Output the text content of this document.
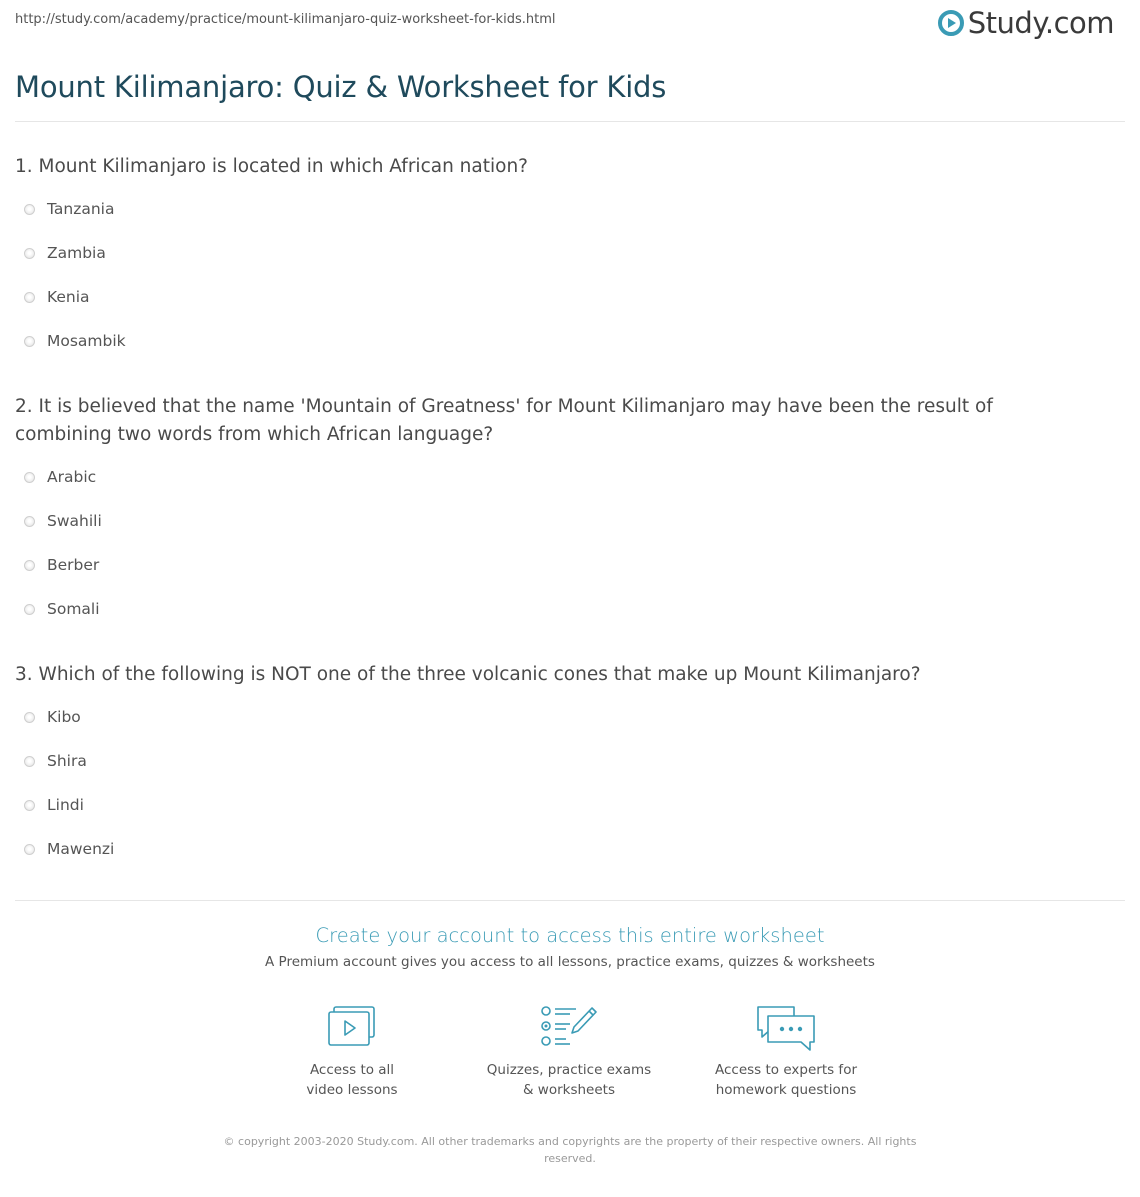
http://study.com/academy/practice/mount-kilimanjaro-quiz-worksheet-for-kids.html	Study.com
Mount Kilimanjaro: Quiz & Worksheet for Kids
1. Mount Kilimanjaro is located in which African nation?
Tanzania
Zambia
Kenia
Mosambik
2. It is believed that the name 'Mountain of Greatness' for Mount Kilimanjaro may have been the result of combining two words from which African language?
Arabic
Swahili
Berber
Somali
3. Which of the following is NOT one of the three volcanic cones that make up Mount Kilimanjaro?
Kibo
Shira
Lindi
Mawenzi
Create your account to access this entire worksheet
A Premium account gives you access to all lessons, practice exams, quizzes & worksheets
Access to all
video lessons
Quizzes, practice exams
& worksheets
Access to experts for
homework questions
© copyright 2003-2020 Study.com. All other trademarks and copyrights are the property of their respective owners. All rights reserved.
